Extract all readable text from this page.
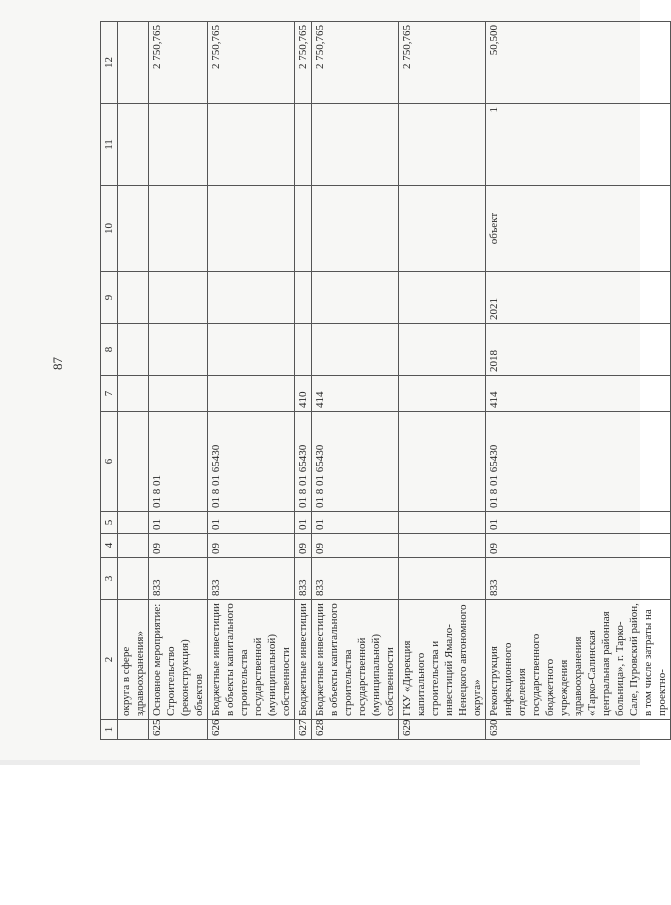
87
1	2	3	4	5	6	7	8	9	10	11	12
	округа в сфере здравоохранения»										
625	Основное мероприятие: Строительство (реконструкция) объектов	833	09	01	01 8 01						2 750,765
626	Бюджетные инвестиции в объекты капитального строительства государственной (муниципальной) собственности	833	09	01	01 8 01 65430						2 750,765
627	Бюджетные инвестиции	833	09	01	01 8 01 65430	410					2 750,765
628	Бюджетные инвестиции в объекты капитального строительства государственной (муниципальной) собственности	833	09	01	01 8 01 65430	414					2 750,765
629	ГКУ «Дирекция капитального строительства и инвестиций Ямало-Ненецкого автономного округа»										2 750,765
630	Реконструкция инфекционного отделения государственного бюджетного учреждения здравоохранения «Тарко-Салинская центральная районная больница», г. Тарко-Сале, Пуровский район, в том числе затраты на проектно-	833	09	01	01 8 01 65430	414	2018	2021	объект	1	50,500
